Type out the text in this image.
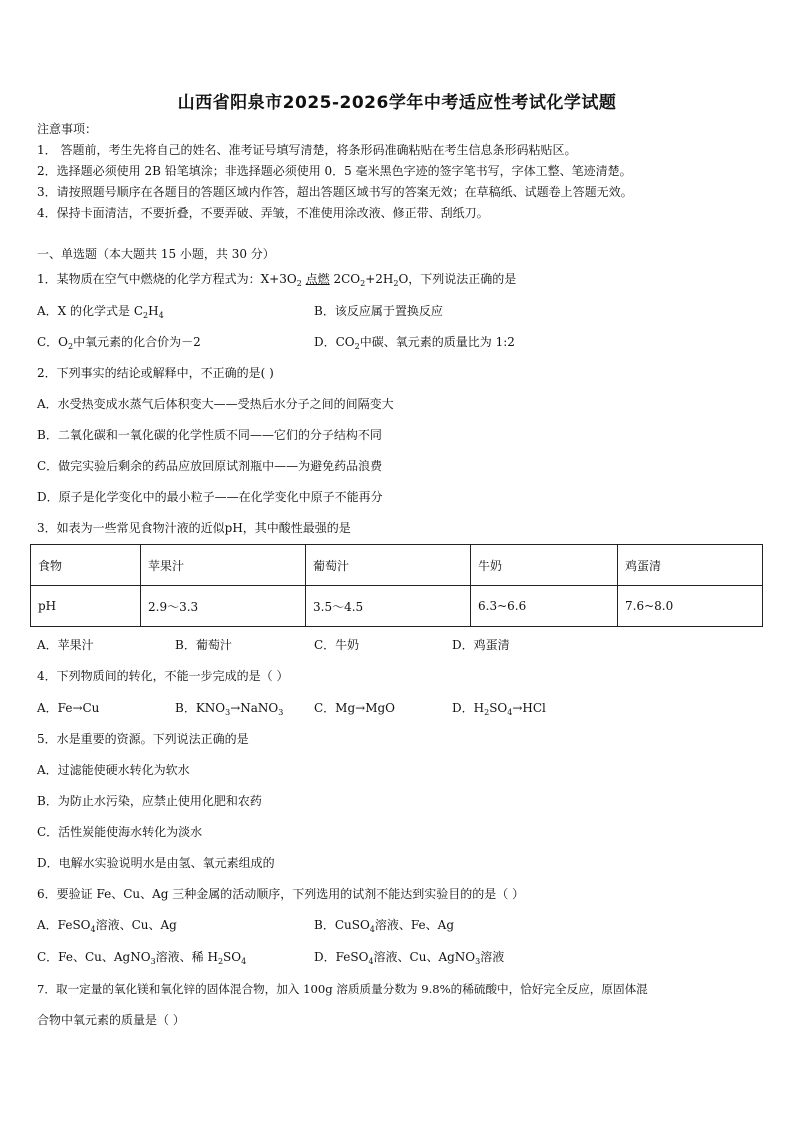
山西省阳泉市2025-2026学年中考适应性考试化学试题
注意事项：
1． 答题前，考生先将自己的姓名、准考证号填写清楚，将条形码准确粘贴在考生信息条形码粘贴区。
2．选择题必须使用 2B 铅笔填涂；非选择题必须使用 0．5 毫米黑色字迹的签字笔书写，字体工整、笔迹清楚。
3．请按照题号顺序在各题目的答题区域内作答，超出答题区域书写的答案无效；在草稿纸、试题卷上答题无效。
4．保持卡面清洁，不要折叠，不要弄破、弄皱，不准使用涂改液、修正带、刮纸刀。
一、单选题（本大题共 15 小题，共 30 分）
1．某物质在空气中燃烧的化学方程式为：$X+3O_2$ 点燃 $2CO_2+2H_2O$，下列说法正确的是
A．X 的化学式是 $C_2H_4$	B．该反应属于置换反应
C．$O_2$中氧元素的化合价为－2	D．$CO_2$中碳、氧元素的质量比为 1:2
2．下列事实的结论或解释中，不正确的是( )
A．水受热变成水蒸气后体积变大——受热后水分子之间的间隔变大
B．二氧化碳和一氧化碳的化学性质不同——它们的分子结构不同
C．做完实验后剩余的药品应放回原试剂瓶中——为避免药品浪费
D．原子是化学变化中的最小粒子——在化学变化中原子不能再分
3．如表为一些常见食物汁液的近似pH，其中酸性最强的是
食物	苹果汁	葡萄汁	牛奶	鸡蛋清
pH	2.9～3.3	3.5～4.5	6.3~6.6	7.6~8.0
A．苹果汁	B．葡萄汁	C．牛奶	D．鸡蛋清
4．下列物质间的转化，不能一步完成的是（ ）
A．Fe→Cu	B．$KNO_3\to NaNO_3$	C．Mg→MgO	D．$H_2SO_4\to HCl$
5．水是重要的资源。下列说法正确的是
A．过滤能使硬水转化为软水
B．为防止水污染，应禁止使用化肥和农药
C．活性炭能使海水转化为淡水
D．电解水实验说明水是由氢、氧元素组成的
6．要验证 Fe、Cu、Ag 三种金属的活动顺序，下列选用的试剂不能达到实验目的的是（ ）
A．FeSO$_4$溶液、Cu、Ag	B．CuSO$_4$溶液、Fe、Ag
C．Fe、Cu、AgNO$_3$溶液、稀 $H_2SO_4$	D．FeSO$_4$溶液、Cu、AgNO$_3$溶液
7．取一定量的氧化镁和氧化锌的固体混合物，加入 100g 溶质质量分数为 9.8%的稀硫酸中，恰好完全反应，原固体混
合物中氧元素的质量是（ ）
